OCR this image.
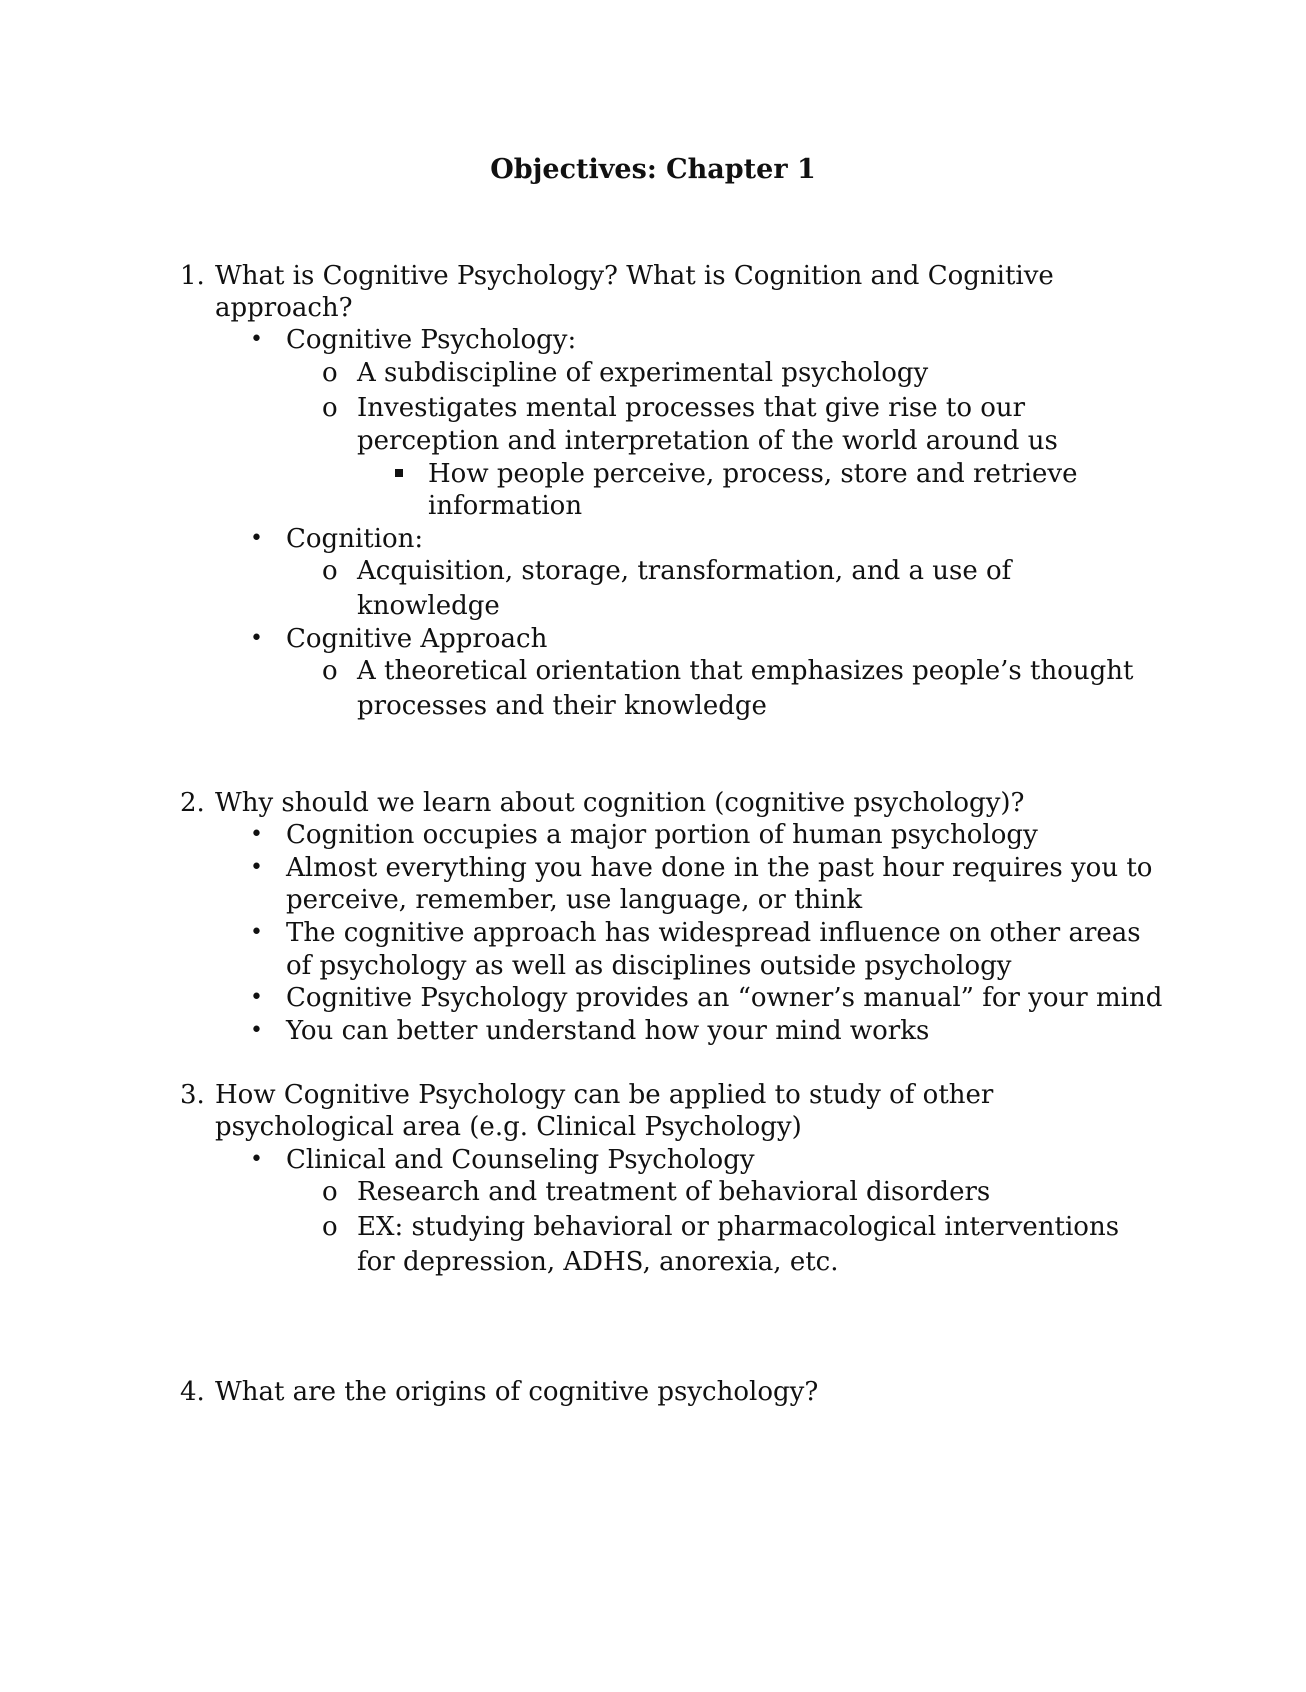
Objectives: Chapter 1
1. What is Cognitive Psychology? What is Cognition and Cognitive
approach?
• Cognitive Psychology:
o A subdiscipline of experimental psychology
o Investigates mental processes that give rise to our
perception and interpretation of the world around us
How people perceive, process, store and retrieve
information
• Cognition:
o Acquisition, storage, transformation, and a use of
knowledge
• Cognitive Approach
o A theoretical orientation that emphasizes people’s thought
processes and their knowledge
2. Why should we learn about cognition (cognitive psychology)?
• Cognition occupies a major portion of human psychology
• Almost everything you have done in the past hour requires you to
perceive, remember, use language, or think
• The cognitive approach has widespread influence on other areas
of psychology as well as disciplines outside psychology
• Cognitive Psychology provides an “owner’s manual” for your mind
• You can better understand how your mind works
3. How Cognitive Psychology can be applied to study of other
psychological area (e.g. Clinical Psychology)
• Clinical and Counseling Psychology
o Research and treatment of behavioral disorders
o EX: studying behavioral or pharmacological interventions
for depression, ADHS, anorexia, etc.
4. What are the origins of cognitive psychology?
